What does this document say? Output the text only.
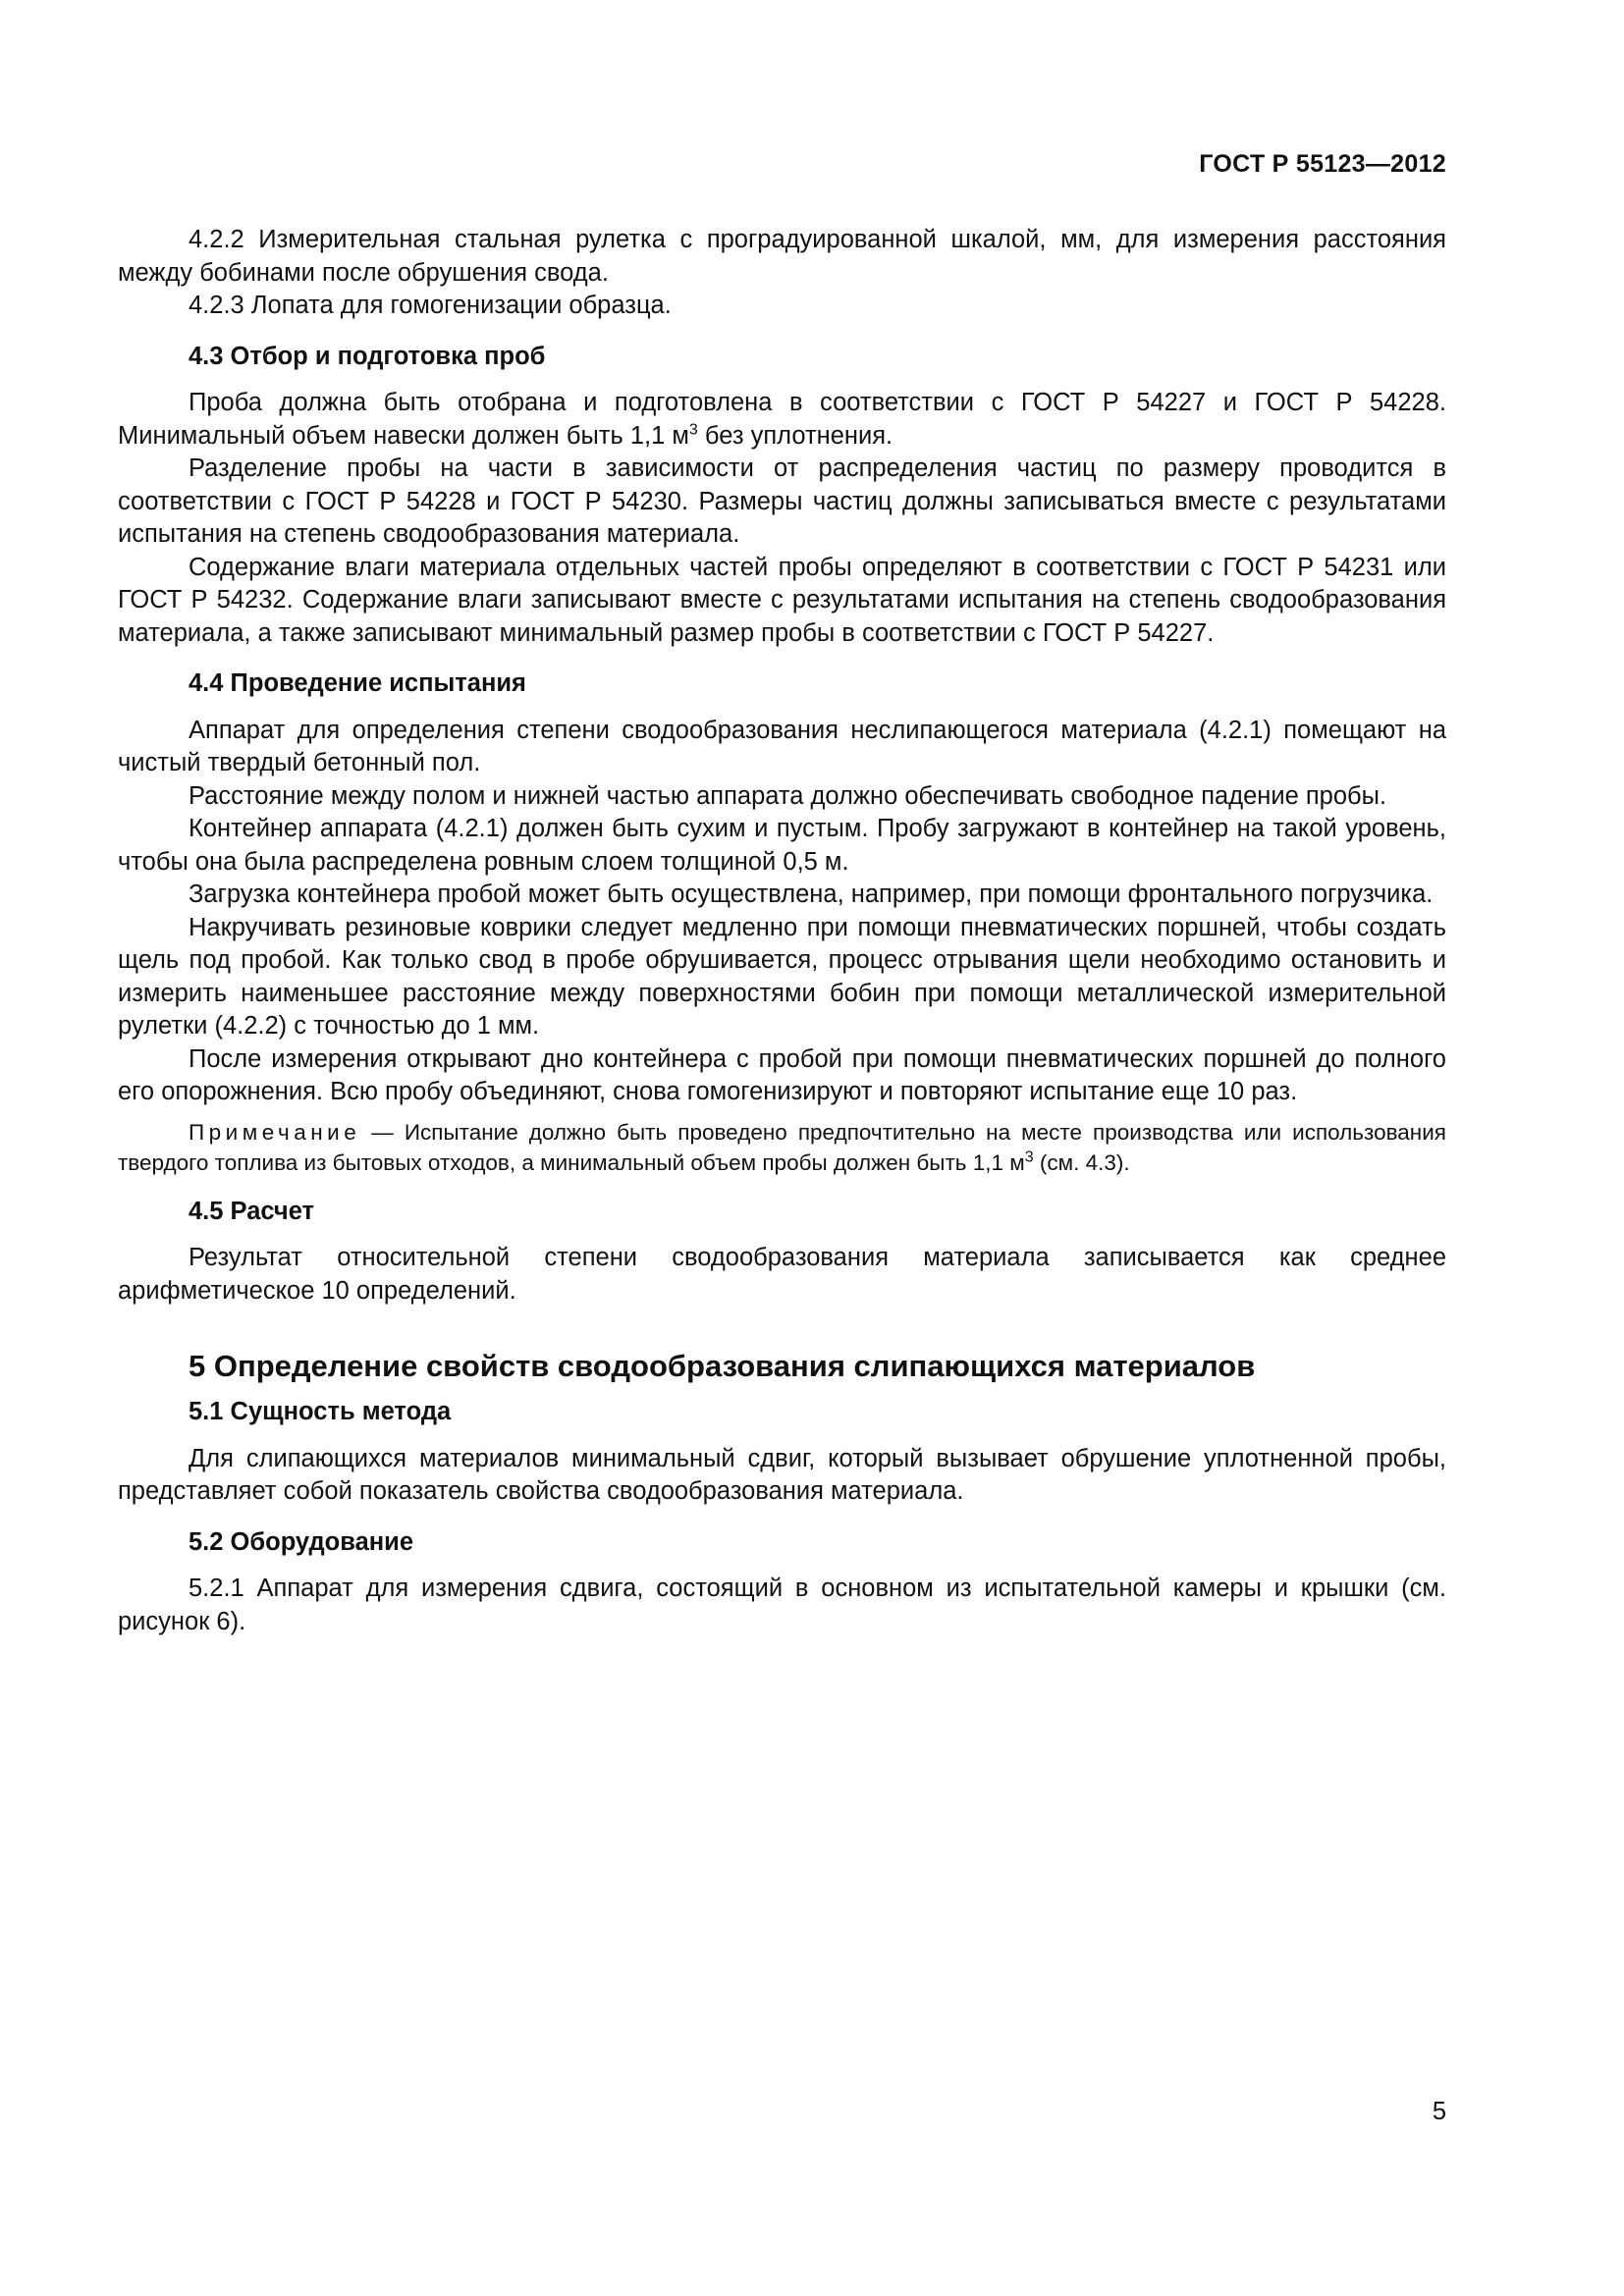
ГОСТ Р 55123—2012

4.2.2 Измерительная стальная рулетка с проградуированной шкалой, мм, для измерения расстояния между бобинами после обрушения свода.

4.2.3 Лопата для гомогенизации образца.

4.3 Отбор и подготовка проб

Проба должна быть отобрана и подготовлена в соответствии с ГОСТ Р 54227 и ГОСТ Р 54228. Минимальный объем навески должен быть 1,1 $м^3$ без уплотнения.

Разделение пробы на части в зависимости от распределения частиц по размеру проводится в соответствии с ГОСТ Р 54228 и ГОСТ Р 54230. Размеры частиц должны записываться вместе с результатами испытания на степень сводообразования материала.

Содержание влаги материала отдельных частей пробы определяют в соответствии с ГОСТ Р 54231 или ГОСТ Р 54232. Содержание влаги записывают вместе с результатами испытания на степень сводообразования материала, а также записывают минимальный размер пробы в соответствии с ГОСТ Р 54227.

4.4 Проведение испытания

Аппарат для определения степени сводообразования неслипающегося материала (4.2.1) помещают на чистый твердый бетонный пол.

Расстояние между полом и нижней частью аппарата должно обеспечивать свободное падение пробы.

Контейнер аппарата (4.2.1) должен быть сухим и пустым. Пробу загружают в контейнер на такой уровень, чтобы она была распределена ровным слоем толщиной 0,5 м.

Загрузка контейнера пробой может быть осуществлена, например, при помощи фронтального погрузчика.

Накручивать резиновые коврики следует медленно при помощи пневматических поршней, чтобы создать щель под пробой. Как только свод в пробе обрушивается, процесс отрывания щели необходимо остановить и измерить наименьшее расстояние между поверхностями бобин при помощи металлической измерительной рулетки (4.2.2) с точностью до 1 мм.

После измерения открывают дно контейнера с пробой при помощи пневматических поршней до полного его опорожнения. Всю пробу объединяют, снова гомогенизируют и повторяют испытание еще 10 раз.

Примечание — Испытание должно быть проведено предпочтительно на месте производства или использования твердого топлива из бытовых отходов, а минимальный объем пробы должен быть 1,1 $м^3$ (см. 4.3).

4.5 Расчет

Результат относительной степени сводообразования материала записывается как среднее арифметическое 10 определений.

5 Определение свойств сводообразования слипающихся материалов
5.1 Сущность метода

Для слипающихся материалов минимальный сдвиг, который вызывает обрушение уплотненной пробы, представляет собой показатель свойства сводообразования материала.

5.2 Оборудование

5.2.1 Аппарат для измерения сдвига, состоящий в основном из испытательной камеры и крышки (см. рисунок 6).

5
